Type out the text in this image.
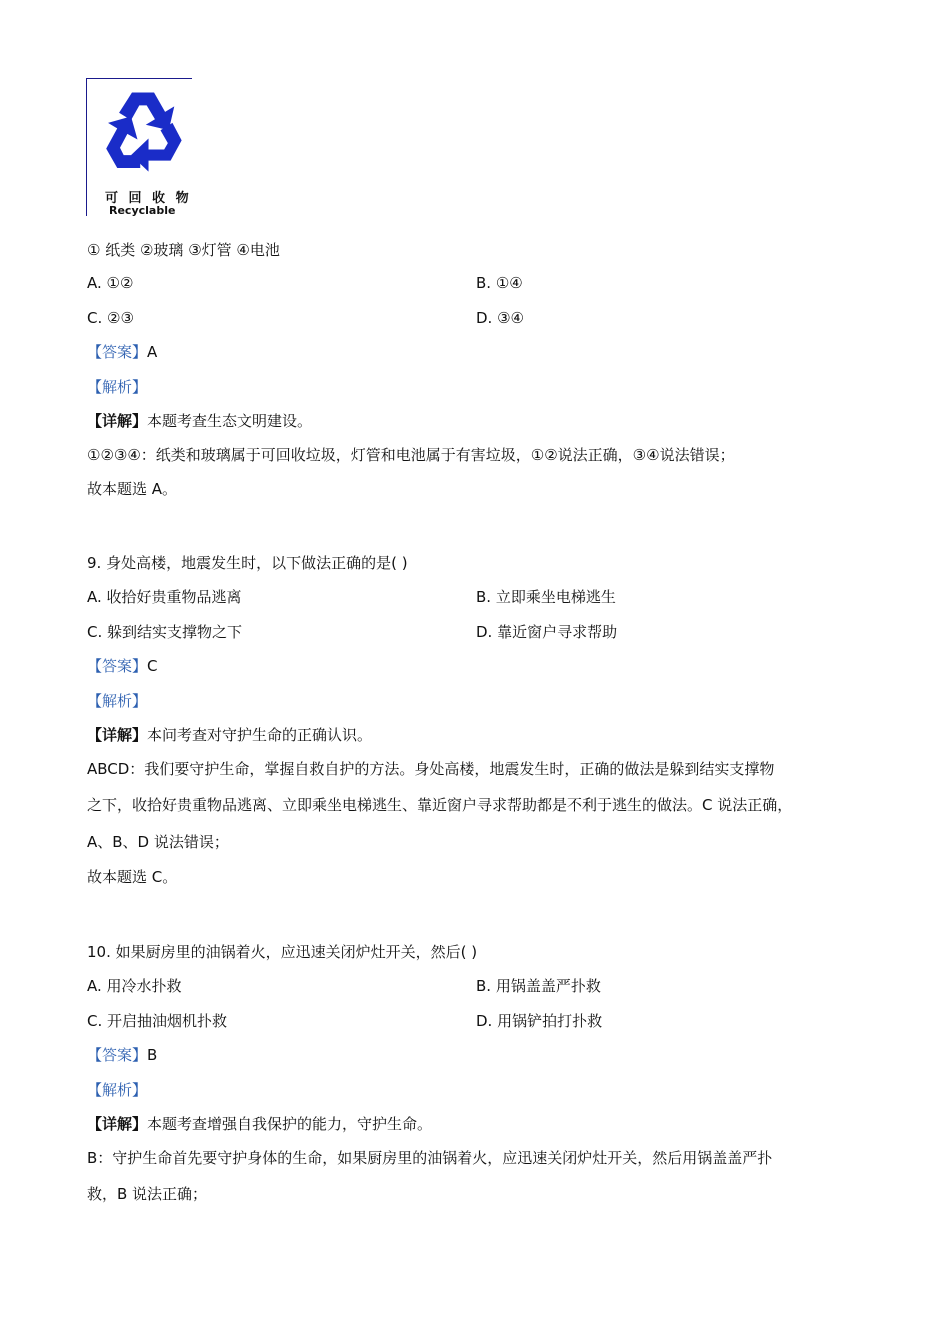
可 回 收 物
Recyclable
① 纸类 ②玻璃 ③灯管 ④电池
A. ①②	B. ①④
C. ②③	D. ③④
【答案】A
【解析】
【详解】本题考查生态文明建设。
①②③④：纸类和玻璃属于可回收垃圾，灯管和电池属于有害垃圾，①②说法正确，③④说法错误；
故本题选 A。
9. 身处高楼，地震发生时，以下做法正确的是( )
A. 收拾好贵重物品逃离	B. 立即乘坐电梯逃生
C. 躲到结实支撑物之下	D. 靠近窗户寻求帮助
【答案】C
【解析】
【详解】本问考查对守护生命的正确认识。
ABCD：我们要守护生命，掌握自救自护的方法。身处高楼，地震发生时，正确的做法是躲到结实支撑物
之下，收拾好贵重物品逃离、立即乘坐电梯逃生、靠近窗户寻求帮助都是不利于逃生的做法。C 说法正确，
A、B、D 说法错误；
故本题选 C。
10. 如果厨房里的油锅着火，应迅速关闭炉灶开关，然后( )
A. 用冷水扑救	B. 用锅盖盖严扑救
C. 开启抽油烟机扑救	D. 用锅铲拍打扑救
【答案】B
【解析】
【详解】本题考查增强自我保护的能力，守护生命。
B：守护生命首先要守护身体的生命，如果厨房里的油锅着火，应迅速关闭炉灶开关，然后用锅盖盖严扑
救，B 说法正确；
